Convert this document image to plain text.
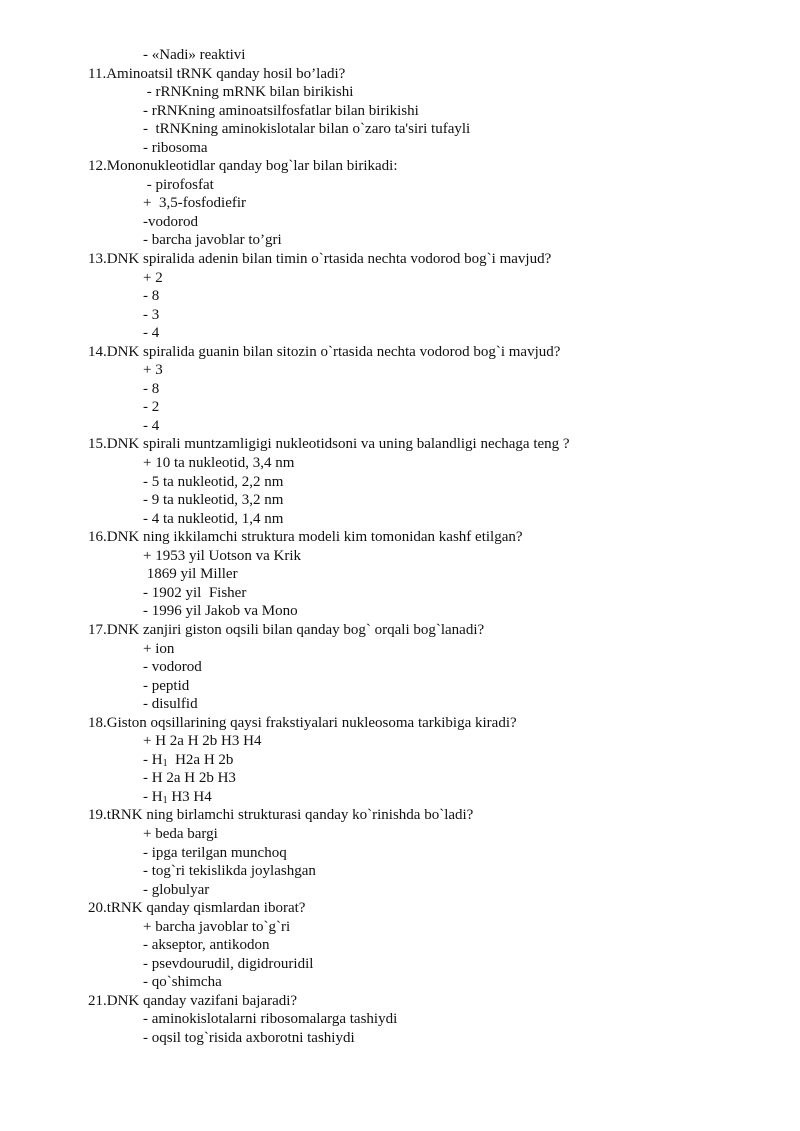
- «Nadi» reaktivi
11.Aminoatsil tRNK qanday hosil bo’ladi?
- rRNKning mRNK bilan birikishi
- rRNKning aminoatsilfosfatlar bilan birikishi
-  tRNKning aminokislotalar bilan o`zaro ta'siri tufayli
- ribosoma
12.Mononukleotidlar qanday bog`lar bilan birikadi:
- pirofosfat
+  3,5-fosfodiefir
-vodorod
- barcha javoblar to’gri
13.DNK spiralida adenin bilan timin o`rtasida nechta vodorod bog`i mavjud?
+ 2
- 8
- 3
- 4
14.DNK spiralida guanin bilan sitozin o`rtasida nechta vodorod bog`i mavjud?
+ 3
- 8
- 2
- 4
15.DNK spirali muntzamligigi nukleotidsoni va uning balandligi nechaga teng ?
+ 10 ta nukleotid, 3,4 nm
- 5 ta nukleotid, 2,2 nm
- 9 ta nukleotid, 3,2 nm
- 4 ta nukleotid, 1,4 nm
16.DNK ning ikkilamchi struktura modeli kim tomonidan kashf etilgan?
+ 1953 yil Uotson va Krik
1869 yil Miller
- 1902 yil  Fisher
- 1996 yil Jakob va Mono
17.DNK zanjiri giston oqsili bilan qanday bog` orqali bog`lanadi?
+ ion
- vodorod
- peptid
- disulfid
18.Giston oqsillarining qaysi frakstiyalari nukleosoma tarkibiga kiradi?
+ H 2a H 2b H3 H4
- $H_1$  H2a H 2b
- H 2a H 2b H3
- $H_1$ H3 H4
19.tRNK ning birlamchi strukturasi qanday ko`rinishda bo`ladi?
+ beda bargi
- ipga terilgan munchoq
- tog`ri tekislikda joylashgan
- globulyar
20.tRNK qanday qismlardan iborat?
+ barcha javoblar to`g`ri
- akseptor, antikodon
- psevdourudil, digidrouridil
- qo`shimcha
21.DNK qanday vazifani bajaradi?
- aminokislotalarni ribosomalarga tashiydi
- oqsil tog`risida axborotni tashiydi
